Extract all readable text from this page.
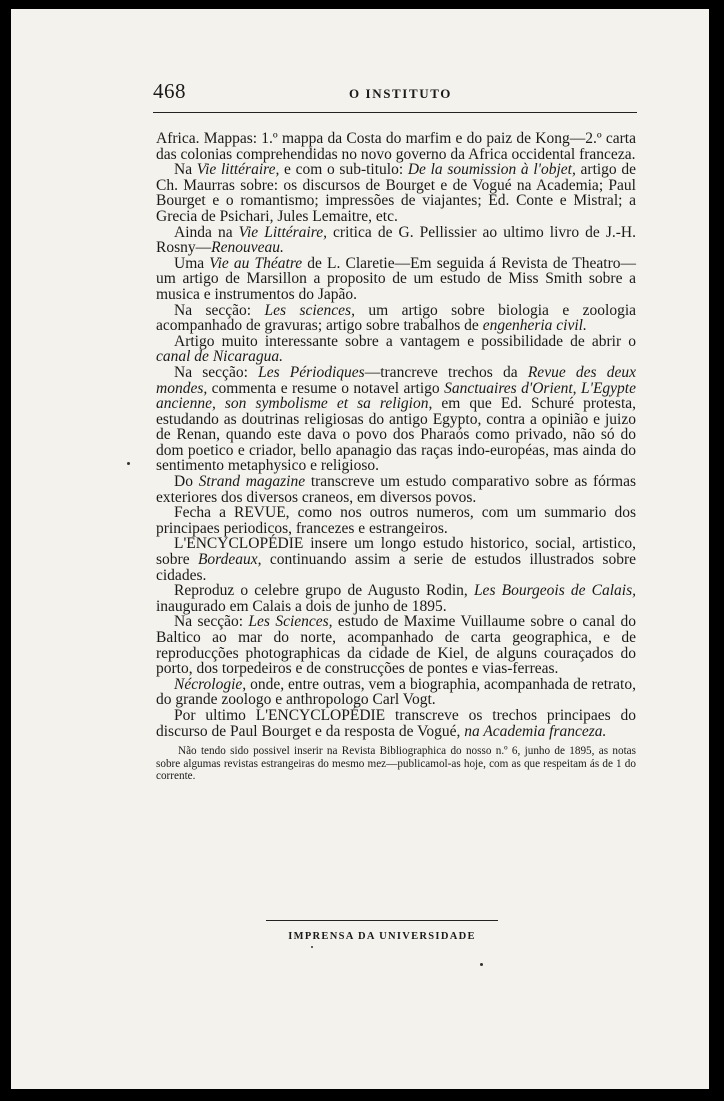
468	O INSTITUTO

Africa. Mappas: 1.º mappa da Costa do marfim e do paiz de Kong—2.º carta das colonias comprehendidas no novo governo da Africa occidental franceza.

Na Vie littéraire, e com o sub-titulo: De la soumission à l'objet, artigo de Ch. Maurras sobre: os discursos de Bourget e de Vogué na Academia; Paul Bourget e o romantismo; impressões de viajantes; Ed. Conte e Mistral; a Grecia de Psichari, Jules Lemaitre, etc.

Ainda na Vie Littéraire, critica de G. Pellissier ao ultimo livro de J.-H. Rosny—Renouveau.

Uma Vie au Théatre de L. Claretie—Em seguida á Revista de Theatro—um artigo de Marsillon a proposito de um estudo de Miss Smith sobre a musica e instrumentos do Japão.

Na secção: Les sciences, um artigo sobre biologia e zoologia acompanhado de gravuras; artigo sobre trabalhos de engenheria civil.

Artigo muito interessante sobre a vantagem e possibilidade de abrir o canal de Nicaragua.

Na secção: Les Périodiques—trancreve trechos da Revue des deux mondes, commenta e resume o notavel artigo Sanctuaires d'Orient, L'Egypte ancienne, son symbolisme et sa religion, em que Ed. Schuré protesta, estudando as doutrinas religiosas do antigo Egypto, contra a opinião e juizo de Renan, quando este dava o povo dos Pharaós como privado, não só do dom poetico e criador, bello apanagio das raças indo-européas, mas ainda do sentimento metaphysico e religioso.

Do Strand magazine transcreve um estudo comparativo sobre as fórmas exteriores dos diversos craneos, em diversos povos.

Fecha a REVUE, como nos outros numeros, com um summario dos principaes periodicos, francezes e estrangeiros.

L'ENCYCLOPÉDIE insere um longo estudo historico, social, artistico, sobre Bordeaux, continuando assim a serie de estudos illustrados sobre cidades.

Reproduz o celebre grupo de Augusto Rodin, Les Bourgeois de Calais, inaugurado em Calais a dois de junho de 1895.

Na secção: Les Sciences, estudo de Maxime Vuillaume sobre o canal do Baltico ao mar do norte, acompanhado de carta geographica, e de reproducções photographicas da cidade de Kiel, de alguns couraçados do porto, dos torpedeiros e de construcções de pontes e vias-ferreas.

Nécrologie, onde, entre outras, vem a biographia, acompanhada de retrato, do grande zoologo e anthropologo Carl Vogt.

Por ultimo L'ENCYCLOPÉDIE transcreve os trechos principaes do discurso de Paul Bourget e da resposta de Vogué, na Academia franceza.

Não tendo sido possivel inserir na Revista Bibliographica do nosso n.º 6, junho de 1895, as notas sobre algumas revistas estrangeiras do mesmo mez—publicamol-as hoje, com as que respeitam ás de 1 do corrente.

IMPRENSA DA UNIVERSIDADE
